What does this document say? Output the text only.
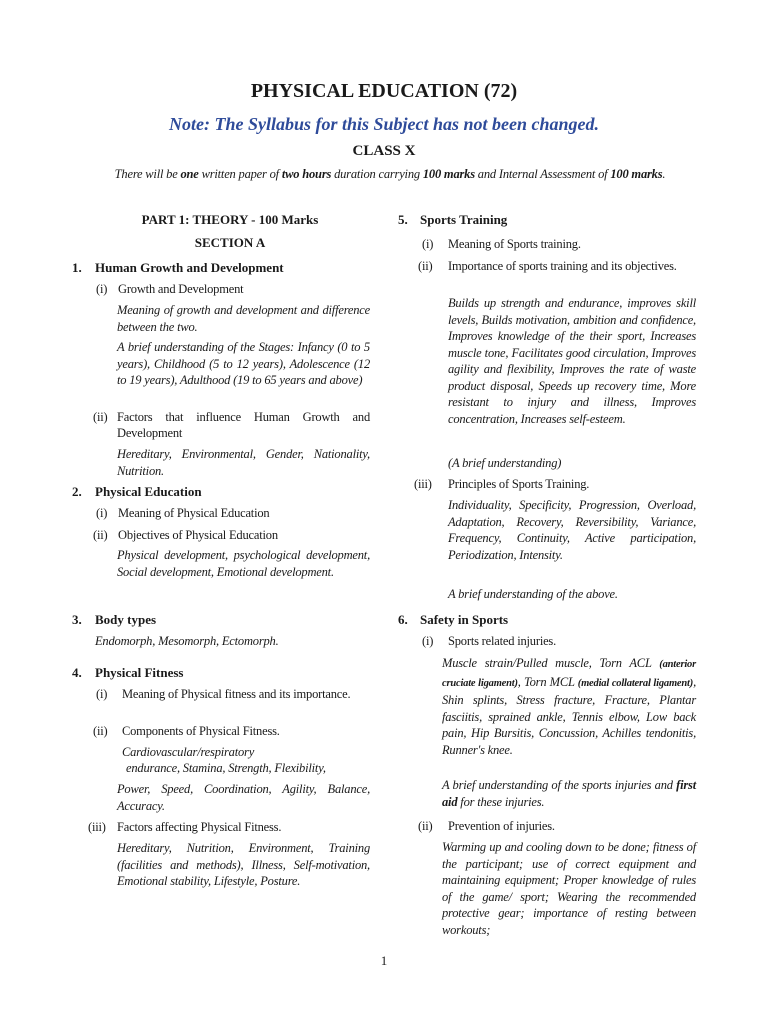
PHYSICAL EDUCATION (72)
Note: The Syllabus for this Subject has not been changed.
CLASS X
There will be one written paper of two hours duration carrying 100 marks and Internal Assessment of 100 marks.
PART 1: THEORY - 100 Marks
SECTION A
1. Human Growth and Development
(i) Growth and Development
Meaning of growth and development and difference between the two.
A brief understanding of the Stages: Infancy (0 to 5 years), Childhood (5 to 12 years), Adolescence (12 to 19 years), Adulthood (19 to 65 years and above)
(ii) Factors that influence Human Growth and Development
Hereditary, Environmental, Gender, Nationality, Nutrition.
2. Physical Education
(i) Meaning of Physical Education
(ii) Objectives of Physical Education
Physical development, psychological development, Social development, Emotional development.
3. Body types
Endomorph, Mesomorph, Ectomorph.
4. Physical Fitness
(i) Meaning of Physical fitness and its importance.
(ii) Components of Physical Fitness.
Cardiovascular/respiratory
endurance, Stamina, Strength, Flexibility,
Power, Speed, Coordination, Agility, Balance, Accuracy.
(iii) Factors affecting Physical Fitness.
Hereditary, Nutrition, Environment, Training (facilities and methods), Illness, Self-motivation, Emotional stability, Lifestyle, Posture.
5. Sports Training
(i) Meaning of Sports training.
(ii) Importance of sports training and its objectives.
Builds up strength and endurance, improves skill levels, Builds motivation, ambition and confidence, Improves knowledge of the their sport, Increases muscle tone, Facilitates good circulation, Improves agility and flexibility, Improves the rate of waste product disposal, Speeds up recovery time, More resistant to injury and illness, Improves concentration, Increases self-esteem.
(A brief understanding)
(iii) Principles of Sports Training.
Individuality, Specificity, Progression, Overload, Adaptation, Recovery, Reversibility, Variance, Frequency, Continuity, Active participation, Periodization, Intensity.
A brief understanding of the above.
6. Safety in Sports
(i) Sports related injuries.
Muscle strain/Pulled muscle, Torn ACL (anterior cruciate ligament), Torn MCL (medial collateral ligament), Shin splints, Stress fracture, Fracture, Plantar fasciitis, sprained ankle, Tennis elbow, Low back pain, Hip Bursitis, Concussion, Achilles tendonitis, Runner's knee.
A brief understanding of the sports injuries and first aid for these injuries.
(ii) Prevention of injuries.
Warming up and cooling down to be done; fitness of the participant; use of correct equipment and maintaining equipment; Proper knowledge of rules of the game/ sport; Wearing the recommended protective gear; importance of resting between workouts;
1
